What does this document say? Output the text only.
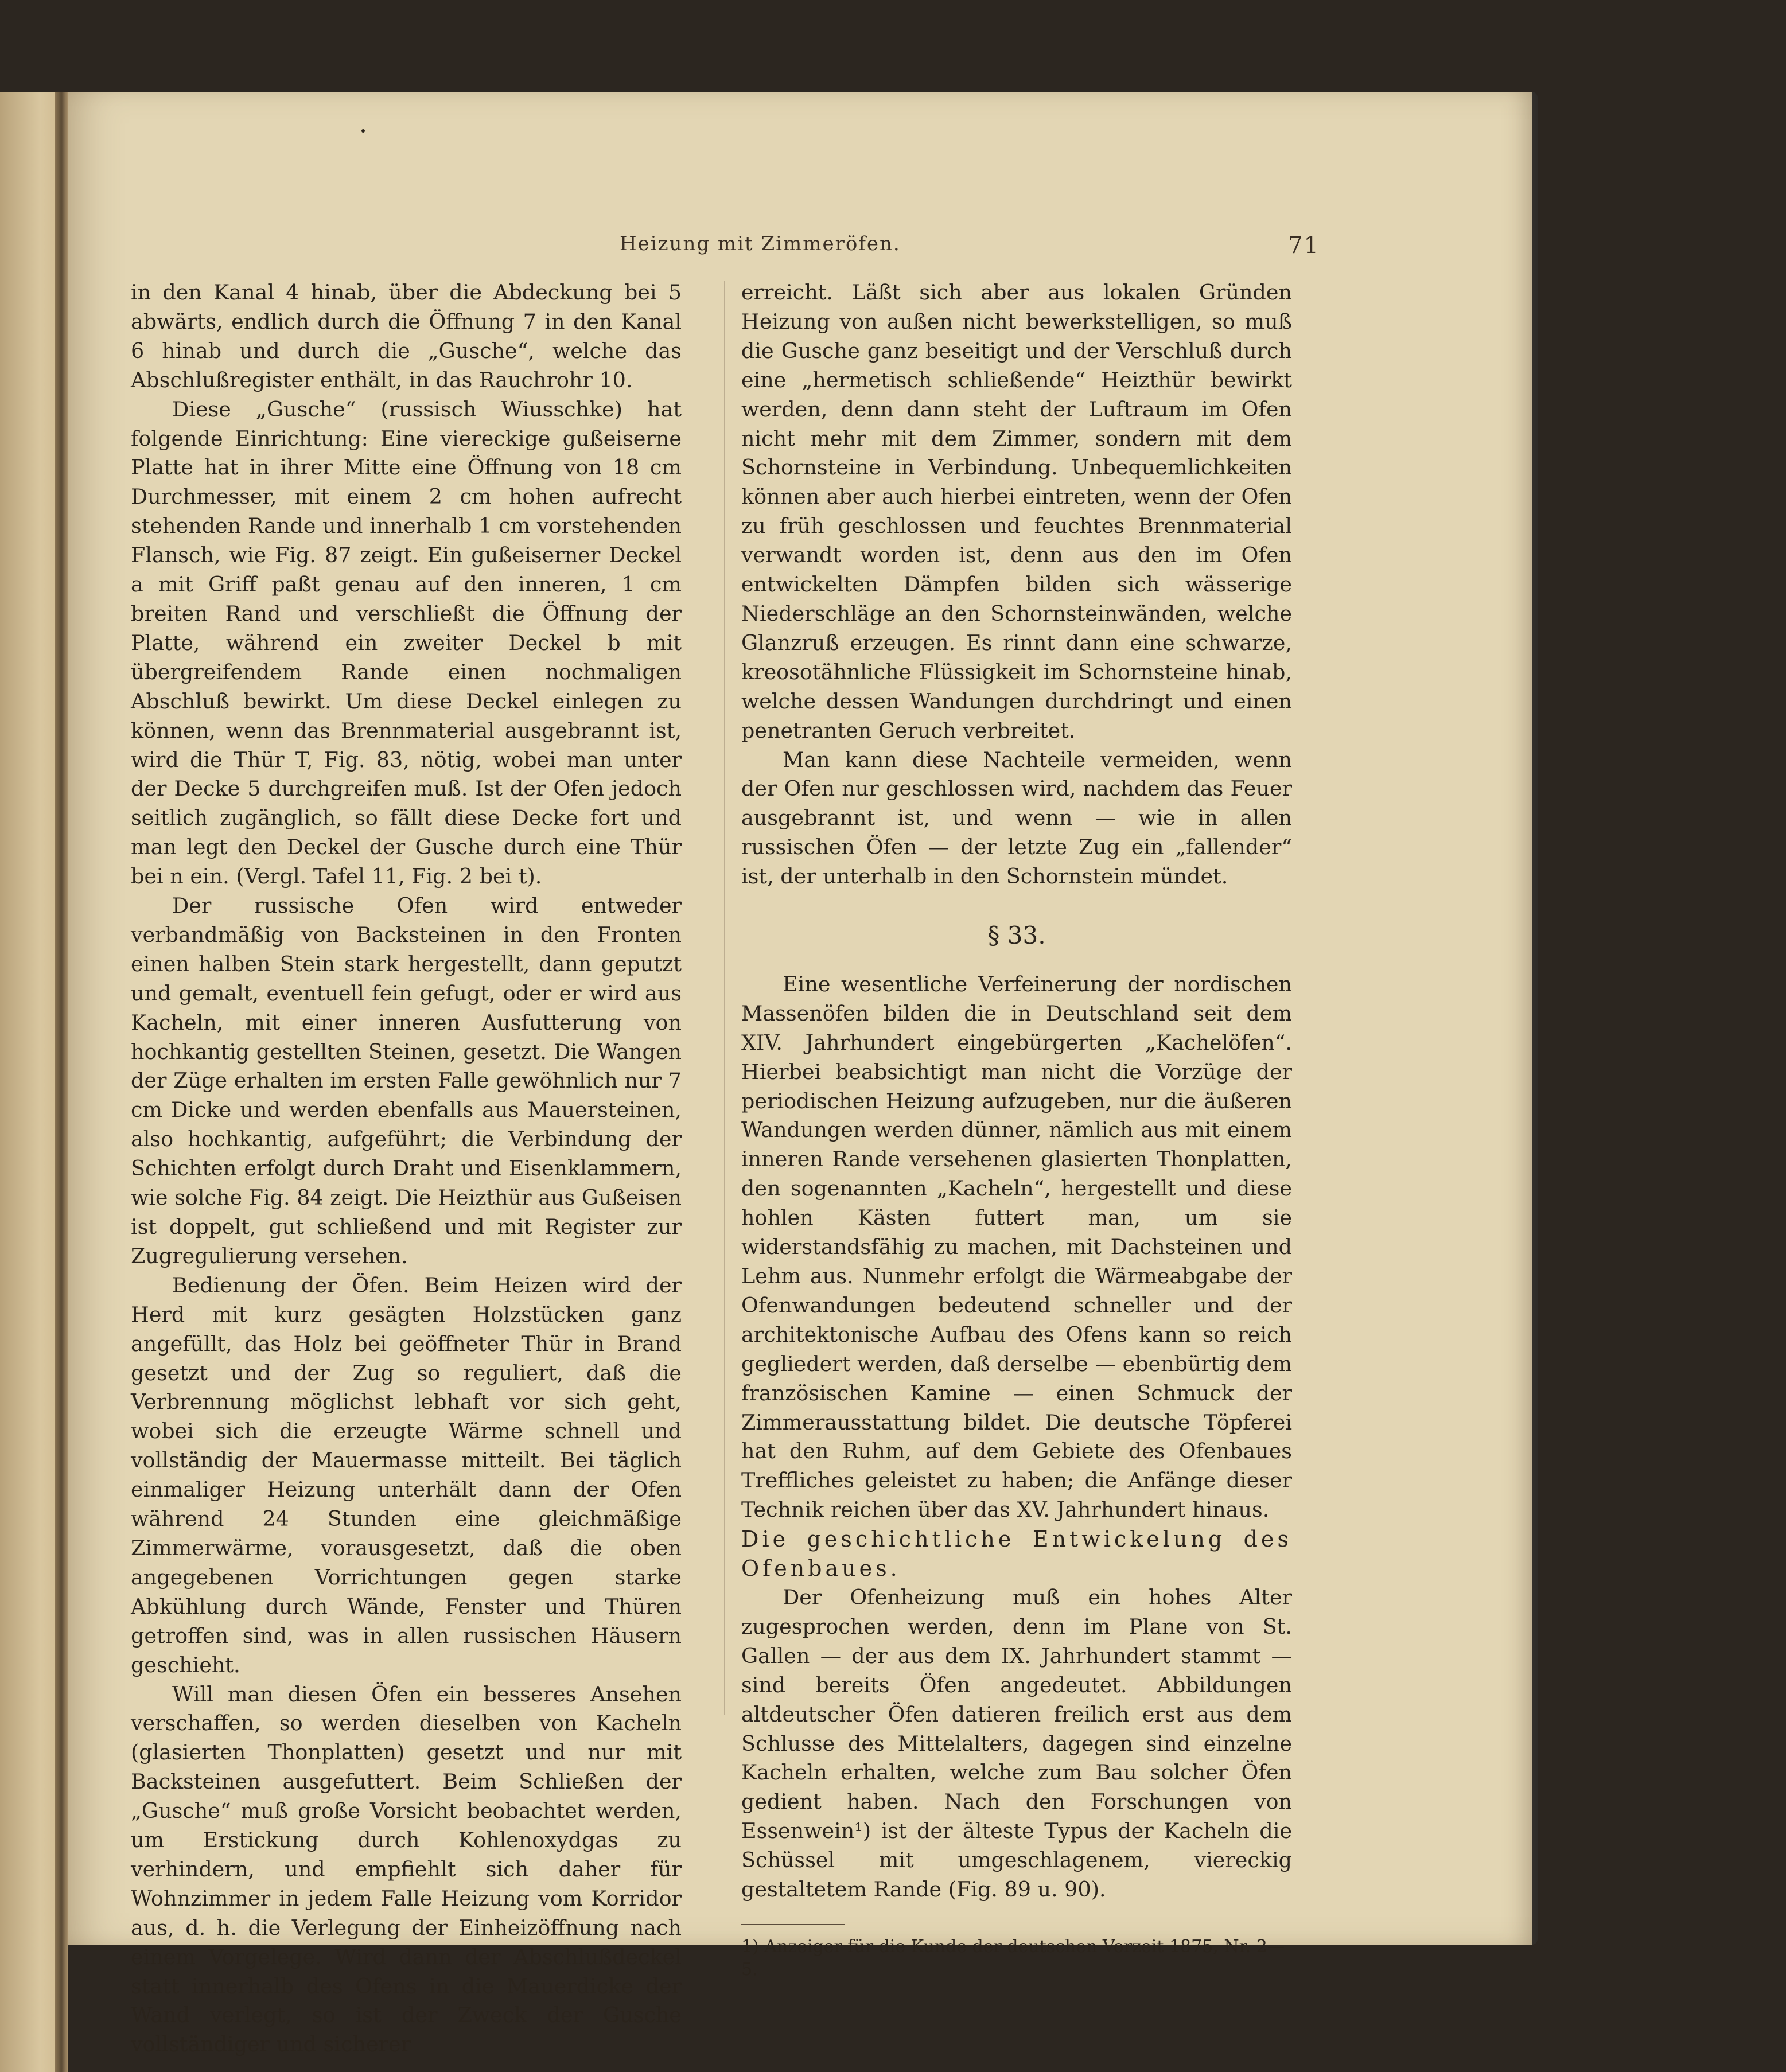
Heizung mit Zimmeröfen.	71

in den Kanal 4 hinab, über die Abdeckung bei 5 abwärts, endlich durch die Öffnung 7 in den Kanal 6 hinab und durch die „Gusche“, welche das Abschlußregister enthält, in das Rauchrohr 10.

Diese „Gusche“ (russisch Wiusschke) hat folgende Einrichtung: Eine viereckige gußeiserne Platte hat in ihrer Mitte eine Öffnung von 18 cm Durchmesser, mit einem 2 cm hohen aufrecht stehenden Rande und innerhalb 1 cm vorstehenden Flansch, wie Fig. 87 zeigt. Ein gußeiserner Deckel a mit Griff paßt genau auf den inneren, 1 cm breiten Rand und verschließt die Öffnung der Platte, während ein zweiter Deckel b mit übergreifendem Rande einen nochmaligen Abschluß bewirkt. Um diese Deckel einlegen zu können, wenn das Brennmaterial ausgebrannt ist, wird die Thür T, Fig. 83, nötig, wobei man unter der Decke 5 durchgreifen muß. Ist der Ofen jedoch seitlich zugänglich, so fällt diese Decke fort und man legt den Deckel der Gusche durch eine Thür bei n ein. (Vergl. Tafel 11, Fig. 2 bei t).

Der russische Ofen wird entweder verbandmäßig von Backsteinen in den Fronten einen halben Stein stark hergestellt, dann geputzt und gemalt, eventuell fein gefugt, oder er wird aus Kacheln, mit einer inneren Ausfutterung von hochkantig gestellten Steinen, gesetzt. Die Wangen der Züge erhalten im ersten Falle gewöhnlich nur 7 cm Dicke und werden ebenfalls aus Mauersteinen, also hochkantig, aufgeführt; die Verbindung der Schichten erfolgt durch Draht und Eisenklammern, wie solche Fig. 84 zeigt. Die Heizthür aus Gußeisen ist doppelt, gut schließend und mit Register zur Zugregulierung versehen.

Bedienung der Öfen. Beim Heizen wird der Herd mit kurz gesägten Holzstücken ganz angefüllt, das Holz bei geöffneter Thür in Brand gesetzt und der Zug so reguliert, daß die Verbrennung möglichst lebhaft vor sich geht, wobei sich die erzeugte Wärme schnell und vollständig der Mauermasse mitteilt. Bei täglich einmaliger Heizung unterhält dann der Ofen während 24 Stunden eine gleichmäßige Zimmerwärme, vorausgesetzt, daß die oben angegebenen Vorrichtungen gegen starke Abkühlung durch Wände, Fenster und Thüren getroffen sind, was in allen russischen Häusern geschieht.

Will man diesen Öfen ein besseres Ansehen verschaffen, so werden dieselben von Kacheln (glasierten Thonplatten) gesetzt und nur mit Backsteinen ausgefuttert. Beim Schließen der „Gusche“ muß große Vorsicht beobachtet werden, um Erstickung durch Kohlenoxydgas zu verhindern, und empfiehlt sich daher für Wohnzimmer in jedem Falle Heizung vom Korridor aus, d. h. die Verlegung der Einheizöffnung nach einem Vorgelege. Wird dann der Abschlußdeckel statt innerhalb des Ofens in die Mauerdicke der Wand verlegt, so ist der Zweck der Gusche vollständiger und sicherer

erreicht. Läßt sich aber aus lokalen Gründen Heizung von außen nicht bewerkstelligen, so muß die Gusche ganz beseitigt und der Verschluß durch eine „hermetisch schließende“ Heizthür bewirkt werden, denn dann steht der Luftraum im Ofen nicht mehr mit dem Zimmer, sondern mit dem Schornsteine in Verbindung. Unbequemlichkeiten können aber auch hierbei eintreten, wenn der Ofen zu früh geschlossen und feuchtes Brennmaterial verwandt worden ist, denn aus den im Ofen entwickelten Dämpfen bilden sich wässerige Niederschläge an den Schornsteinwänden, welche Glanzruß erzeugen. Es rinnt dann eine schwarze, kreosotähnliche Flüssigkeit im Schornsteine hinab, welche dessen Wandungen durchdringt und einen penetranten Geruch verbreitet.

Man kann diese Nachteile vermeiden, wenn der Ofen nur geschlossen wird, nachdem das Feuer ausgebrannt ist, und wenn — wie in allen russischen Öfen — der letzte Zug ein „fallender“ ist, der unterhalb in den Schornstein mündet.

§ 33.

Eine wesentliche Verfeinerung der nordischen Massenöfen bilden die in Deutschland seit dem XIV. Jahrhundert eingebürgerten „Kachelöfen“. Hierbei beabsichtigt man nicht die Vorzüge der periodischen Heizung aufzugeben, nur die äußeren Wandungen werden dünner, nämlich aus mit einem inneren Rande versehenen glasierten Thonplatten, den sogenannten „Kacheln“, hergestellt und diese hohlen Kästen futtert man, um sie widerstandsfähig zu machen, mit Dachsteinen und Lehm aus. Nunmehr erfolgt die Wärmeabgabe der Ofenwandungen bedeutend schneller und der architektonische Aufbau des Ofens kann so reich gegliedert werden, daß derselbe — ebenbürtig dem französischen Kamine — einen Schmuck der Zimmerausstattung bildet. Die deutsche Töpferei hat den Ruhm, auf dem Gebiete des Ofenbaues Treffliches geleistet zu haben; die Anfänge dieser Technik reichen über das XV. Jahrhundert hinaus.

Die geschichtliche Entwickelung des Ofenbaues.

Der Ofenheizung muß ein hohes Alter zugesprochen werden, denn im Plane von St. Gallen — der aus dem IX. Jahrhundert stammt — sind bereits Öfen angedeutet. Abbildungen altdeutscher Öfen datieren freilich erst aus dem Schlusse des Mittelalters, dagegen sind einzelne Kacheln erhalten, welche zum Bau solcher Öfen gedient haben. Nach den Forschungen von Essenwein¹) ist der älteste Typus der Kacheln die Schüssel mit umgeschlagenem, viereckig gestaltetem Rande (Fig. 89 u. 90).

1) Anzeiger für die Kunde der deutschen Vorzeit 1875, Nr. 2—5.
